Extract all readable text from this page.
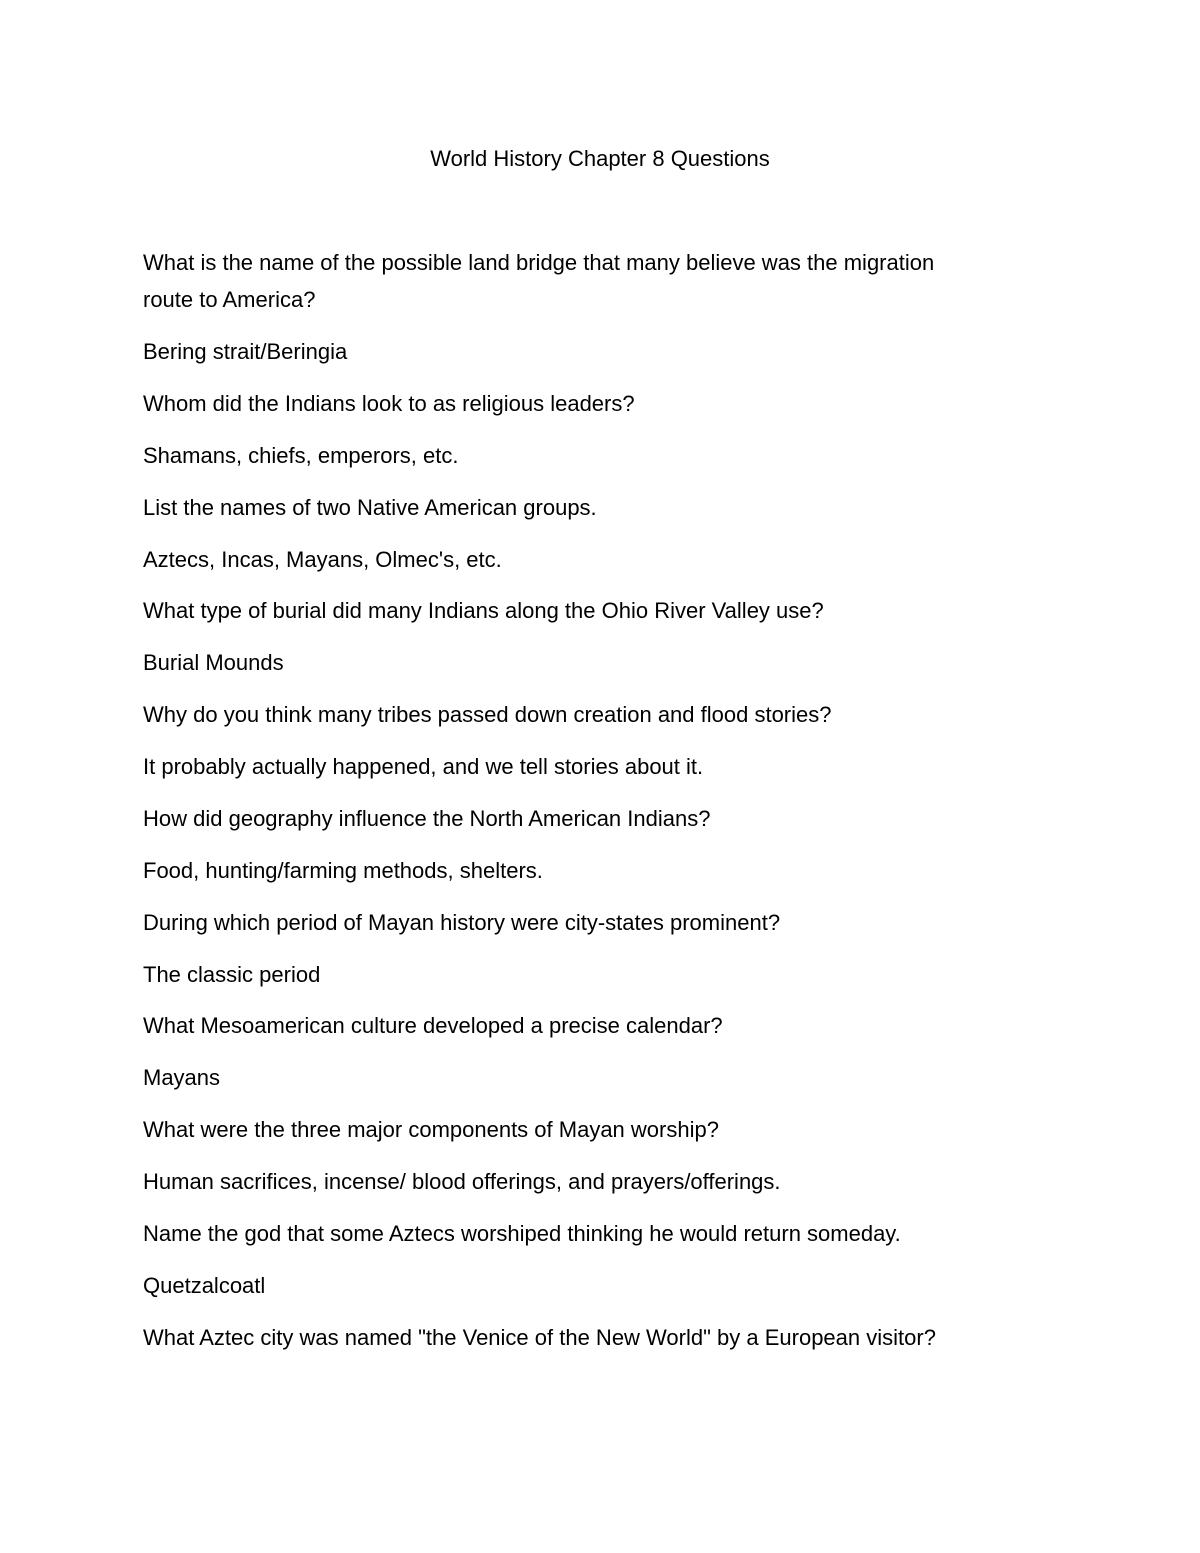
World History Chapter 8 Questions
What is the name of the possible land bridge that many believe was the migration
route to America?
Bering strait/Beringia
Whom did the Indians look to as religious leaders?
Shamans, chiefs, emperors, etc.
List the names of two Native American groups.
Aztecs, Incas, Mayans, Olmec's, etc.
What type of burial did many Indians along the Ohio River Valley use?
Burial Mounds
Why do you think many tribes passed down creation and flood stories?
It probably actually happened, and we tell stories about it.
How did geography influence the North American Indians?
Food, hunting/farming methods, shelters.
During which period of Mayan history were city-states prominent?
The classic period
What Mesoamerican culture developed a precise calendar?
Mayans
What were the three major components of Mayan worship?
Human sacrifices, incense/ blood offerings, and prayers/offerings.
Name the god that some Aztecs worshiped thinking he would return someday.
Quetzalcoatl
What Aztec city was named "the Venice of the New World" by a European visitor?
